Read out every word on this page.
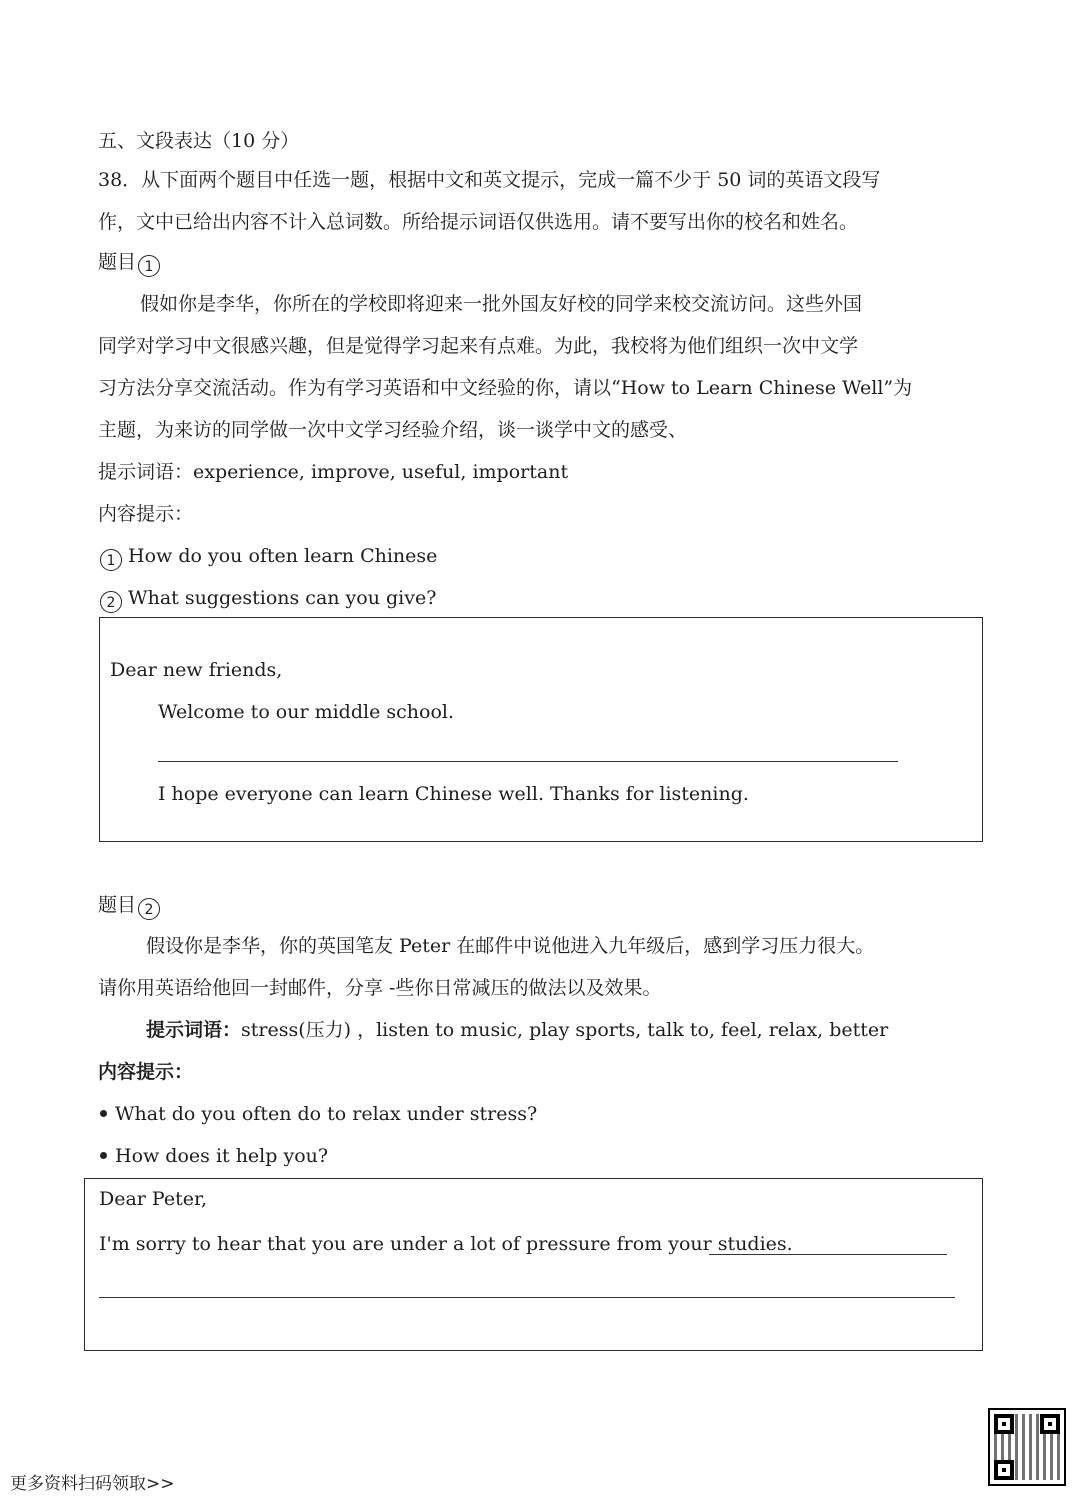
五、文段表达（10 分）
38．从下面两个题目中任选一题，根据中文和英文提示，完成一篇不少于 50 词的英语文段写
作，文中已给出内容不计入总词数。所给提示词语仅供选用。请不要写出你的校名和姓名。
题目 1
假如你是李华，你所在的学校即将迎来一批外国友好校的同学来校交流访问。这些外国
同学对学习中文很感兴趣，但是觉得学习起来有点难。为此，我校将为他们组织一次中文学
习方法分享交流活动。作为有学习英语和中文经验的你，请以“How to Learn Chinese Well”为
主题，为来访的同学做一次中文学习经验介绍，谈一谈学中文的感受、
提示词语：experience, improve, useful, important
内容提示：
1 How do you often learn Chinese
2 What suggestions can you give?
Dear new friends,
Welcome to our middle school.
I hope everyone can learn Chinese well. Thanks for listening.
题目 2
假设你是李华，你的英国笔友 Peter 在邮件中说他进入九年级后，感到学习压力很大。
请你用英语给他回一封邮件，分享 -些你日常减压的做法以及效果。
提示词语：stress(压力) ，listen to music, play sports, talk to, feel, relax, better
内容提示：
What do you often do to relax under stress?
How does it help you?
Dear Peter,
I'm sorry to hear that you are under a lot of pressure from your studies.
更多资料扫码领取>>
